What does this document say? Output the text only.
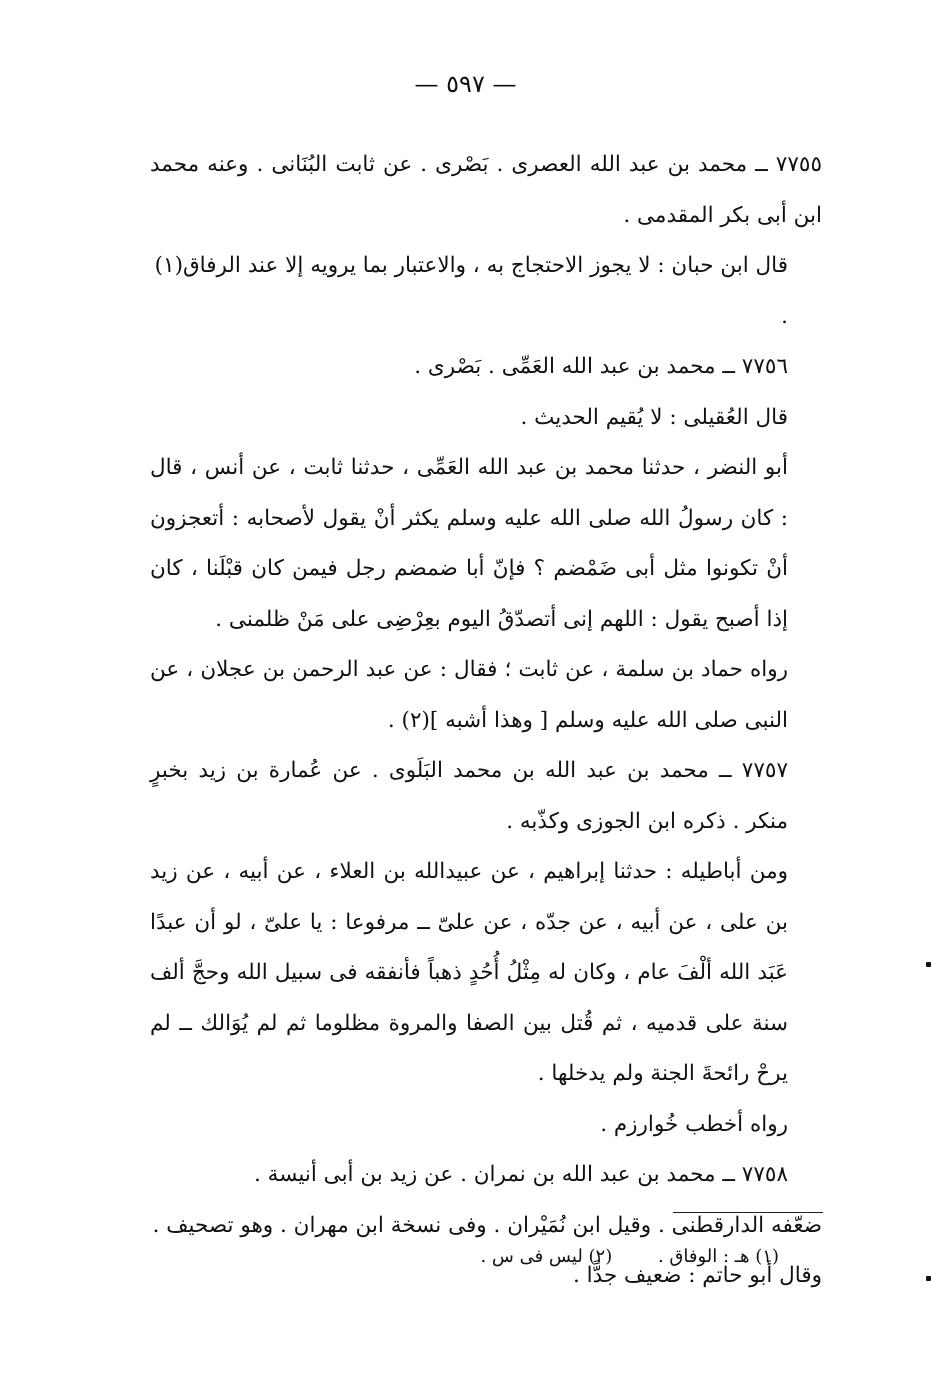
— ٥٩٧ —

٧٧٥٥ ــ محمد بن عبد الله العصرى . بَصْرى . عن ثابت البُنَانى . وعنه محمد ابن أبى بكر المقدمى .

قال ابن حبان : لا يجوز الاحتجاج به ، والاعتبار بما يرويه إلا عند الرفاق(١) .

٧٧٥٦ ــ محمد بن عبد الله العَمِّى . بَصْرى .

قال العُقيلى : لا يُقيم الحديث .

أبو النضر ، حدثنا محمد بن عبد الله العَمِّى ، حدثنا ثابت ، عن أنس ، قال : كان رسولُ الله صلى الله عليه وسلم يكثر أنْ يقول لأصحابه : أتعجزون أنْ تكونوا مثل أبى ضَمْضم ؟ فإنّ أبا ضمضم رجل فيمن كان قبْلَنا ، كان إذا أصبح يقول : اللهم إنى أتصدّقُ اليوم بعِرْضِى على مَنْ ظلمنى .

رواه حماد بن سلمة ، عن ثابت ؛ فقال : عن عبد الرحمن بن عجلان ، عن النبى صلى الله عليه وسلم [ وهذا أشبه ](٢) .

٧٧٥٧ ــ محمد بن عبد الله بن محمد البَلَوى . عن عُمارة بن زيد بخبرٍ منكر . ذكره ابن الجوزى وكذّبه .

ومن أباطيله : حدثنا إبراهيم ، عن عبيدالله بن العلاء ، عن أبيه ، عن زيد بن على ، عن أبيه ، عن جدّه ، عن علىّ ــ مرفوعا : يا علىّ ، لو أن عبدًا عَبَد الله ألْفَ عام ، وكان له مِثْلُ أُحُدٍ ذهباً فأنفقه فى سبيل الله وحجَّ ألف سنة على قدميه ، ثم قُتل بين الصفا والمروة مظلوما ثم لم يُوَالك ــ لم يرحْ رائحةَ الجنة ولم يدخلها .

رواه أخطب خُوارزم .

٧٧٥٨ ــ محمد بن عبد الله بن نمران . عن زيد بن أبى أنيسة .

ضعّفه الدارقطنى . وقيل ابن نُمَيْران . وفى نسخة ابن مهران . وهو تصحيف .

وقال أبو حاتم : ضعيف جدًّا .

(١) هـ : الوفاق . (٢) ليس فى س .
